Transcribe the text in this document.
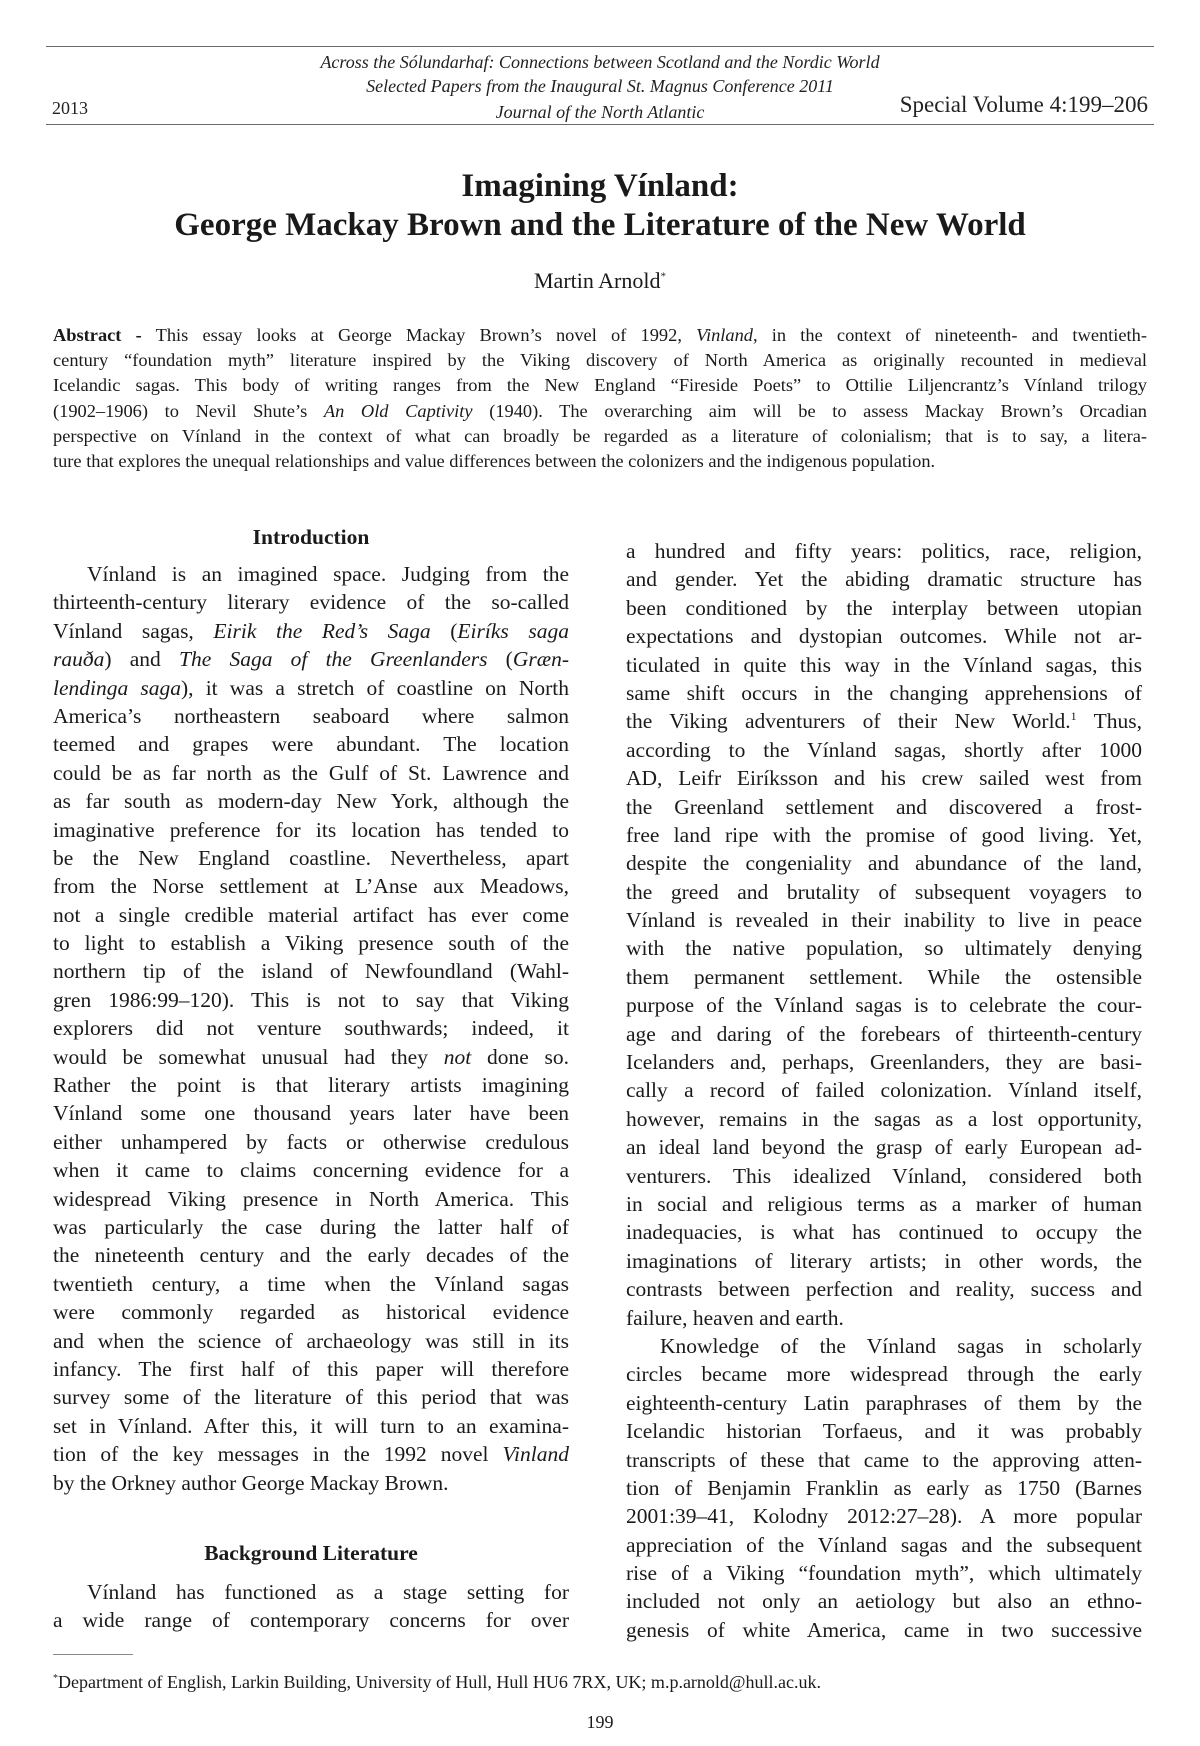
Across the Sólundarhaf: Connections between Scotland and the Nordic World
Selected Papers from the Inaugural St. Magnus Conference 2011
2013	Journal of the North Atlantic	Special Volume 4:199–206
Imagining Vínland:
George Mackay Brown and the Literature of the New World
Martin Arnold*
Abstract - This essay looks at George Mackay Brown’s novel of 1992, Vinland, in the context of nineteenth- and twentieth-
century “foundation myth” literature inspired by the Viking discovery of North America as originally recounted in medieval
Icelandic sagas. This body of writing ranges from the New England “Fireside Poets” to Ottilie Liljencrantz’s Vínland trilogy
(1902–1906) to Nevil Shute’s An Old Captivity (1940). The overarching aim will be to assess Mackay Brown’s Orcadian
perspective on Vínland in the context of what can broadly be regarded as a literature of colonialism; that is to say, a litera-
ture that explores the unequal relationships and value differences between the colonizers and the indigenous population.
Introduction
Vínland is an imagined space. Judging from the
thirteenth-century literary evidence of the so-called
Vínland sagas, Eirik the Red’s Saga (Eiríks saga
rauða) and The Saga of the Greenlanders (Græn-
lendinga saga), it was a stretch of coastline on North
America’s northeastern seaboard where salmon
teemed and grapes were abundant. The location
could be as far north as the Gulf of St. Lawrence and
as far south as modern-day New York, although the
imaginative preference for its location has tended to
be the New England coastline. Nevertheless, apart
from the Norse settlement at L’Anse aux Meadows,
not a single credible material artifact has ever come
to light to establish a Viking presence south of the
northern tip of the island of Newfoundland (Wahl-
gren 1986:99–120). This is not to say that Viking
explorers did not venture southwards; indeed, it
would be somewhat unusual had they not done so.
Rather the point is that literary artists imagining
Vínland some one thousand years later have been
either unhampered by facts or otherwise credulous
when it came to claims concerning evidence for a
widespread Viking presence in North America. This
was particularly the case during the latter half of
the nineteenth century and the early decades of the
twentieth century, a time when the Vínland sagas
were commonly regarded as historical evidence
and when the science of archaeology was still in its
infancy. The first half of this paper will therefore
survey some of the literature of this period that was
set in Vínland. After this, it will turn to an examina-
tion of the key messages in the 1992 novel Vinland
by the Orkney author George Mackay Brown.
Background Literature
Vínland has functioned as a stage setting for
a wide range of contemporary concerns for over
a hundred and fifty years: politics, race, religion,
and gender. Yet the abiding dramatic structure has
been conditioned by the interplay between utopian
expectations and dystopian outcomes. While not ar-
ticulated in quite this way in the Vínland sagas, this
same shift occurs in the changing apprehensions of
the Viking adventurers of their New World.$^1$ Thus,
according to the Vínland sagas, shortly after 1000
AD, Leifr Eiríksson and his crew sailed west from
the Greenland settlement and discovered a frost-
free land ripe with the promise of good living. Yet,
despite the congeniality and abundance of the land,
the greed and brutality of subsequent voyagers to
Vínland is revealed in their inability to live in peace
with the native population, so ultimately denying
them permanent settlement. While the ostensible
purpose of the Vínland sagas is to celebrate the cour-
age and daring of the forebears of thirteenth-century
Icelanders and, perhaps, Greenlanders, they are basi-
cally a record of failed colonization. Vínland itself,
however, remains in the sagas as a lost opportunity,
an ideal land beyond the grasp of early European ad-
venturers. This idealized Vínland, considered both
in social and religious terms as a marker of human
inadequacies, is what has continued to occupy the
imaginations of literary artists; in other words, the
contrasts between perfection and reality, success and
failure, heaven and earth.
Knowledge of the Vínland sagas in scholarly
circles became more widespread through the early
eighteenth-century Latin paraphrases of them by the
Icelandic historian Torfaeus, and it was probably
transcripts of these that came to the approving atten-
tion of Benjamin Franklin as early as 1750 (Barnes
2001:39–41, Kolodny 2012:27–28). A more popular
appreciation of the Vínland sagas and the subsequent
rise of a Viking “foundation myth”, which ultimately
included not only an aetiology but also an ethno-
genesis of white America, came in two successive
*Department of English, Larkin Building, University of Hull, Hull HU6 7RX, UK; m.p.arnold@hull.ac.uk.
199
